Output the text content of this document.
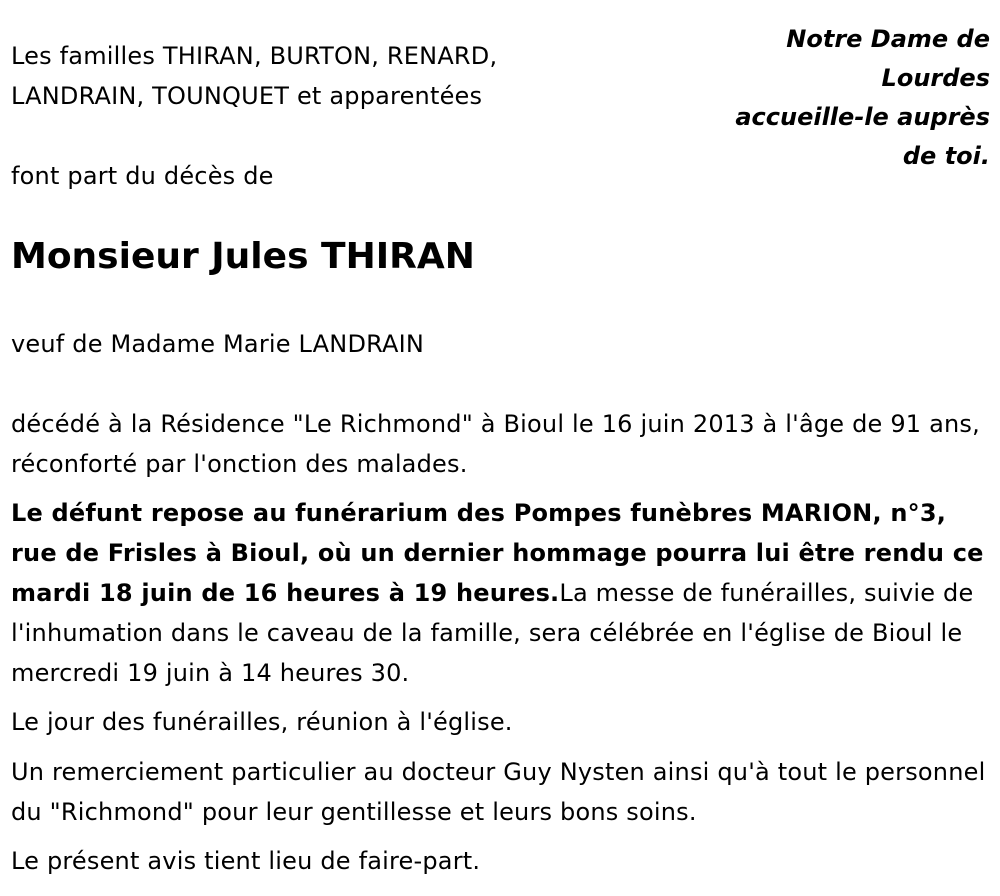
Les familles THIRAN, BURTON, RENARD,
LANDRAIN, TOUNQUET et apparentées

Notre Dame de
Lourdes
accueille-le auprès
de toi.

font part du décès de

Monsieur Jules THIRAN

veuf de Madame Marie LANDRAIN

décédé à la Résidence "Le Richmond" à Bioul le 16 juin 2013 à l'âge de 91 ans, réconforté par l'onction des malades.

Le défunt repose au funérarium des Pompes funèbres MARION, n°3, rue de Frisles à Bioul, où un dernier hommage pourra lui être rendu ce mardi 18 juin de 16 heures à 19 heures.La messe de funérailles, suivie de l'inhumation dans le caveau de la famille, sera célébrée en l'église de Bioul le mercredi 19 juin à 14 heures 30.

Le jour des funérailles, réunion à l'église.

Un remerciement particulier au docteur Guy Nysten ainsi qu'à tout le personnel du "Richmond" pour leur gentillesse et leurs bons soins.

Le présent avis tient lieu de faire-part.
